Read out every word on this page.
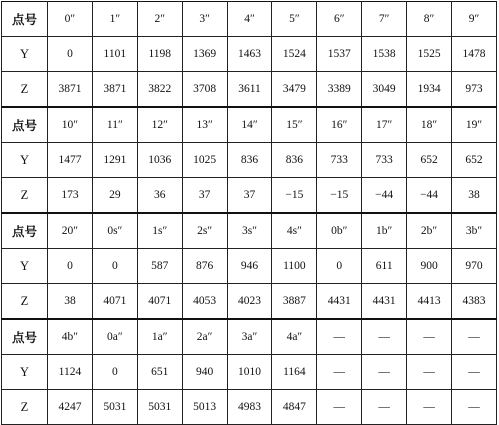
点号	0″	1″	2″	3″	4″	5″	6″	7″	8″	9″
Y	0	1101	1198	1369	1463	1524	1537	1538	1525	1478
Z	3871	3871	3822	3708	3611	3479	3389	3049	1934	973
点号	10″	11″	12″	13″	14″	15″	16″	17″	18″	19″
Y	1477	1291	1036	1025	836	836	733	733	652	652
Z	173	29	36	37	37	−15	−15	−44	−44	38
点号	20″	0s″	1s″	2s″	3s″	4s″	0b″	1b″	2b″	3b″
Y	0	0	587	876	946	1100	0	611	900	970
Z	38	4071	4071	4053	4023	3887	4431	4431	4413	4383
点号	4b″	0a″	1a″	2a″	3a″	4a″	—	—	—	—
Y	1124	0	651	940	1010	1164	—	—	—	—
Z	4247	5031	5031	5013	4983	4847	—	—	—	—
